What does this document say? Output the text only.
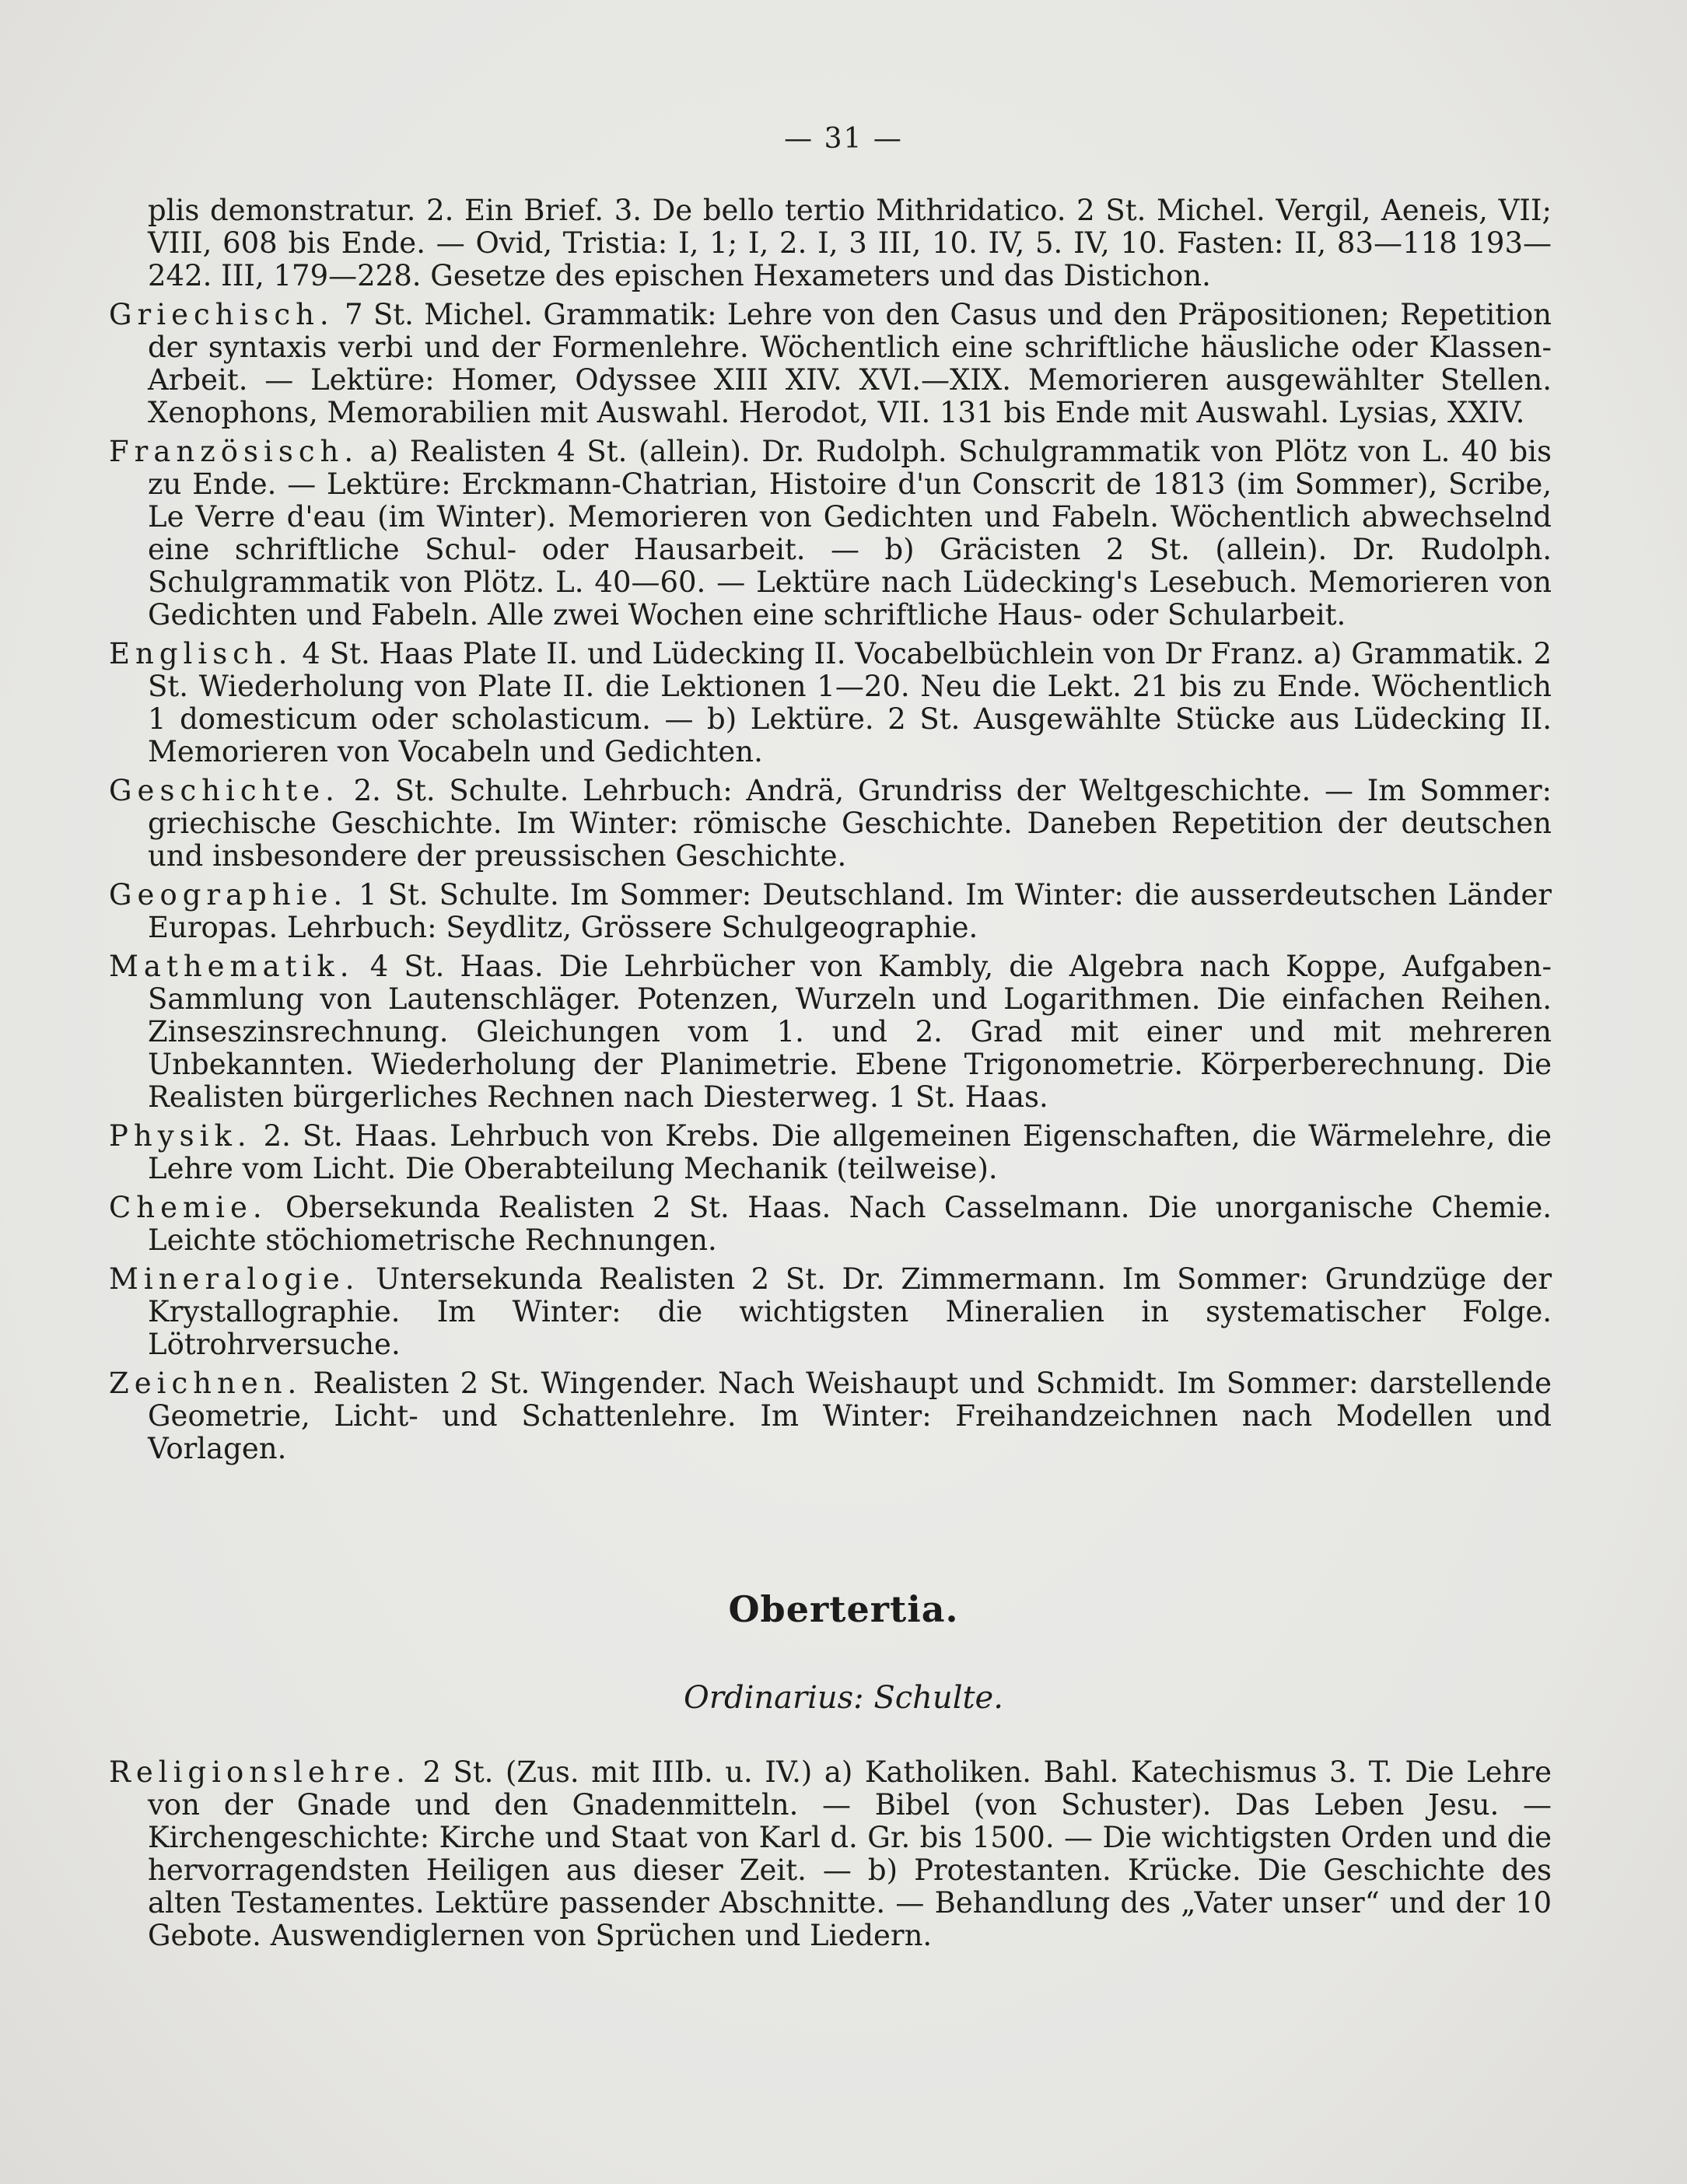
— 31 —

plis demonstratur. 2. Ein Brief. 3. De bello tertio Mithridatico. 2 St. Michel. Vergil, Aeneis, VII; VIII, 608 bis Ende. — Ovid, Tristia: I, 1; I, 2. I, 3 III, 10. IV, 5. IV, 10. Fasten: II, 83—118 193—242. III, 179—228. Gesetze des epischen Hexameters und das Distichon.

Griechisch. 7 St. Michel. Grammatik: Lehre von den Casus und den Präpositionen; Repetition der syntaxis verbi und der Formenlehre. Wöchentlich eine schriftliche häusliche oder Klassen-Arbeit. — Lektüre: Homer, Odyssee XIII XIV. XVI.—XIX. Memorieren ausgewählter Stellen. Xenophons, Memorabilien mit Auswahl. Herodot, VII. 131 bis Ende mit Auswahl. Lysias, XXIV.

Französisch. a) Realisten 4 St. (allein). Dr. Rudolph. Schulgrammatik von Plötz von L. 40 bis zu Ende. — Lektüre: Erckmann-Chatrian, Histoire d'un Conscrit de 1813 (im Sommer), Scribe, Le Verre d'eau (im Winter). Memorieren von Gedichten und Fabeln. Wöchentlich abwechselnd eine schriftliche Schul- oder Hausarbeit. — b) Gräcisten 2 St. (allein). Dr. Rudolph. Schulgrammatik von Plötz. L. 40—60. — Lektüre nach Lüdecking's Lesebuch. Memorieren von Gedichten und Fabeln. Alle zwei Wochen eine schriftliche Haus- oder Schularbeit.

Englisch. 4 St. Haas Plate II. und Lüdecking II. Vocabelbüchlein von Dr Franz. a) Grammatik. 2 St. Wiederholung von Plate II. die Lektionen 1—20. Neu die Lekt. 21 bis zu Ende. Wöchentlich 1 domesticum oder scholasticum. — b) Lektüre. 2 St. Ausgewählte Stücke aus Lüdecking II. Memorieren von Vocabeln und Gedichten.

Geschichte. 2. St. Schulte. Lehrbuch: Andrä, Grundriss der Weltgeschichte. — Im Sommer: griechische Geschichte. Im Winter: römische Geschichte. Daneben Repetition der deutschen und insbesondere der preussischen Geschichte.

Geographie. 1 St. Schulte. Im Sommer: Deutschland. Im Winter: die ausserdeutschen Länder Europas. Lehrbuch: Seydlitz, Grössere Schulgeographie.

Mathematik. 4 St. Haas. Die Lehrbücher von Kambly, die Algebra nach Koppe, Aufgaben-Sammlung von Lautenschläger. Potenzen, Wurzeln und Logarithmen. Die einfachen Reihen. Zinseszinsrechnung. Gleichungen vom 1. und 2. Grad mit einer und mit mehreren Unbekannten. Wiederholung der Planimetrie. Ebene Trigonometrie. Körperberechnung. Die Realisten bürgerliches Rechnen nach Diesterweg. 1 St. Haas.

Physik. 2. St. Haas. Lehrbuch von Krebs. Die allgemeinen Eigenschaften, die Wärmelehre, die Lehre vom Licht. Die Oberabteilung Mechanik (teilweise).

Chemie. Obersekunda Realisten 2 St. Haas. Nach Casselmann. Die unorganische Chemie. Leichte stöchiometrische Rechnungen.

Mineralogie. Untersekunda Realisten 2 St. Dr. Zimmermann. Im Sommer: Grundzüge der Krystallographie. Im Winter: die wichtigsten Mineralien in systematischer Folge. Lötrohrversuche.

Zeichnen. Realisten 2 St. Wingender. Nach Weishaupt und Schmidt. Im Sommer: darstellende Geometrie, Licht- und Schattenlehre. Im Winter: Freihandzeichnen nach Modellen und Vorlagen.

Obertertia.
Ordinarius: Schulte.

Religionslehre. 2 St. (Zus. mit IIIb. u. IV.) a) Katholiken. Bahl. Katechismus 3. T. Die Lehre von der Gnade und den Gnadenmitteln. — Bibel (von Schuster). Das Leben Jesu. — Kirchengeschichte: Kirche und Staat von Karl d. Gr. bis 1500. — Die wichtigsten Orden und die hervorragendsten Heiligen aus dieser Zeit. — b) Protestanten. Krücke. Die Geschichte des alten Testamentes. Lektüre passender Abschnitte. — Behandlung des „Vater unser“ und der 10 Gebote. Auswendiglernen von Sprüchen und Liedern.
